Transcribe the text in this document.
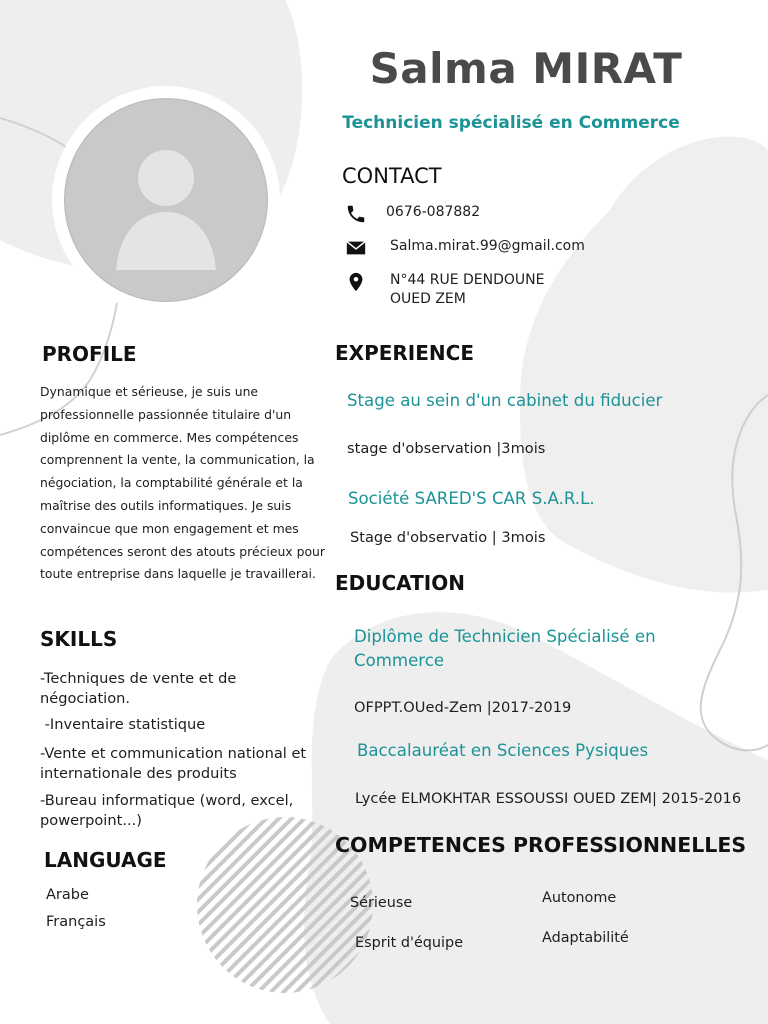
Salma MIRAT
Technicien spécialisé en Commerce
CONTACT
0676-087882
Salma.mirat.99@gmail.com
N°44 RUE DENDOUNE
OUED ZEM
PROFILE
Dynamique et sérieuse, je suis une professionnelle passionnée titulaire d'un diplôme en commerce. Mes compétences comprennent la vente, la communication, la négociation, la comptabilité générale et la maîtrise des outils informatiques. Je suis convaincue que mon engagement et mes compétences seront des atouts précieux pour toute entreprise dans laquelle je travaillerai.
SKILLS
-Techniques de vente et de négociation.
-Inventaire statistique
-Vente et communication national et internationale des produits
-Bureau informatique (word, excel, powerpoint...)
LANGUAGE
Arabe
Français
EXPERIENCE
Stage au sein d'un cabinet du fiducier
stage d'observation |3mois
Société SARED'S CAR S.A.R.L.
Stage d'observatio | 3mois
EDUCATION
Diplôme de Technicien Spécialisé en Commerce
OFPPT.OUed-Zem |2017-2019
Baccalauréat en Sciences Pysiques
Lycée ELMOKHTAR ESSOUSSI OUED ZEM| 2015-2016
COMPETENCES PROFESSIONNELLES
Sérieuse
Esprit d'équipe
Autonome
Adaptabilité
